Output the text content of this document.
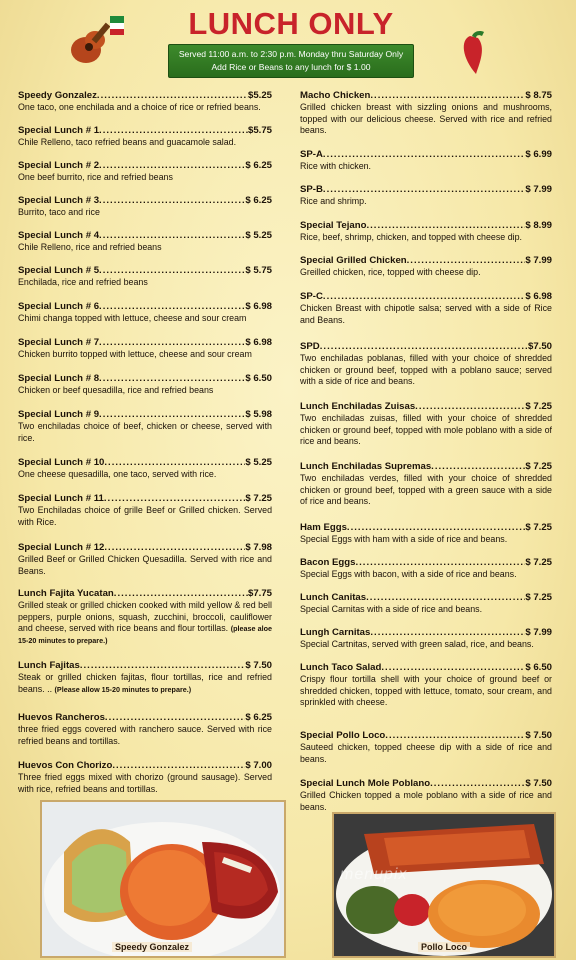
LUNCH ONLY
Served 11:00 a.m. to 2:30 p.m. Monday thru Saturday Only
Add Rice or Beans to any lunch for $ 1.00
Speedy Gonzalez .....	$5.25
One taco, one enchilada and a choice of rice or refried beans.
Special Lunch # 1 .....	$5.75
Chile Relleno, taco refried beans and guacamole salad.
Special Lunch # 2 .....	$ 6.25
One beef burrito, rice and refried beans
Special Lunch # 3 .....	$ 6.25
Burrito, taco and rice
Special Lunch # 4 .....	$ 5.25
Chile Relleno, rice and refried beans
Special Lunch # 5 .....	$ 5.75
Enchilada, rice and refried beans
Special Lunch # 6 .....	$ 6.98
Chimi changa topped with lettuce, cheese and sour cream
Special Lunch # 7 .....	$ 6.98
Chicken burrito topped with lettuce, cheese and sour cream
Special Lunch # 8 .....	$ 6.50
Chicken or beef quesadilla, rice and refried beans
Special Lunch # 9 .....	$ 5.98
Two enchiladas choice of beef, chicken or cheese, served with rice.
Special Lunch # 10 .....	$ 5.25
One cheese quesadilla, one taco, served with rice.
Special Lunch # 11 .....	$ 7.25
Two Enchiladas choice of grille Beef or Grilled chicken. Served with Rice.
Special Lunch # 12 .....	$ 7.98
Grilled Beef or Grilled Chicken Quesadilla. Served with rice and Beans.
Lunch Fajita Yucatan .....	$7.75
Grilled steak or grilled chicken cooked with mild yellow & red bell peppers, purple onions, squash, zucchini, broccoli, cauliflower and cheese, served with rice beans and flour tortillas. (please aloe 15-20 minutes to prepare.)
Lunch Fajitas .....	$ 7.50
Steak or grilled chicken fajitas, flour tortillas, rice and refried beans. .. (Please allow 15-20 minutes to prepare.)
Huevos Rancheros .....	$ 6.25
three fried eggs covered with ranchero sauce. Served with rice refried beans and tortillas.
Huevos Con Chorizo .....	$ 7.00
Three fried eggs mixed with chorizo (ground sausage). Served with rice, refried beans and tortillas.
Macho Chicken .....	$ 8.75
Grilled chicken breast with sizzling onions and mushrooms, topped with our delicious cheese. Served with rice and refried beans.
SP-A .....	$ 6.99
Rice with chicken.
SP-B .....	$ 7.99
Rice and shrimp.
Special Tejano .....	$ 8.99
Rice, beef, shrimp, chicken, and topped with cheese dip.
Special Grilled Chicken .....	$ 7.99
Greilled chicken, rice, topped with cheese dip.
SP-C .....	$ 6.98
Chicken Breast with chipotle salsa; served with a side of Rice and Beans.
SPD .....	$7.50
Two enchiladas poblanas, filled with your choice of shredded chicken or ground beef, topped with a poblano sauce; served with a side of rice and beans.
Lunch Enchiladas Zuisas .....	$ 7.25
Two enchiladas zuisas, filled with your choice of shredded chicken or ground beef, topped with mole poblano with a side of rice and beans.
Lunch Enchiladas Supremas .....	$ 7.25
Two enchiladas verdes, filled with your choice of shredded chicken or ground beef, topped with a green sauce with a side of rice and beans.
Ham Eggs .....	$ 7.25
Special Eggs with ham with a side of rice and beans.
Bacon Eggs .....	$ 7.25
Special Eggs with bacon, with a side of rice and beans.
Lunch Canitas .....	$ 7.25
Special Carnitas with a side of rice and beans.
Lungh Carnitas .....	$ 7.99
Special Cartnitas, served with green salad, rice, and beans.
Lunch Taco Salad .....	$ 6.50
Crispy flour tortilla shell with your choice of ground beef or shredded chicken, topped with lettuce, tomato, sour cream, and sprinkled with cheese.
Special Pollo Loco .....	$ 7.50
Sauteed chicken, topped cheese dip with a side of rice and beans.
Special Lunch Mole Poblano .....	$ 7.50
Grilled Chicken topped a mole poblano with a side of rice and beans.
Speedy Gonzalez	Pollo Loco
menupix
